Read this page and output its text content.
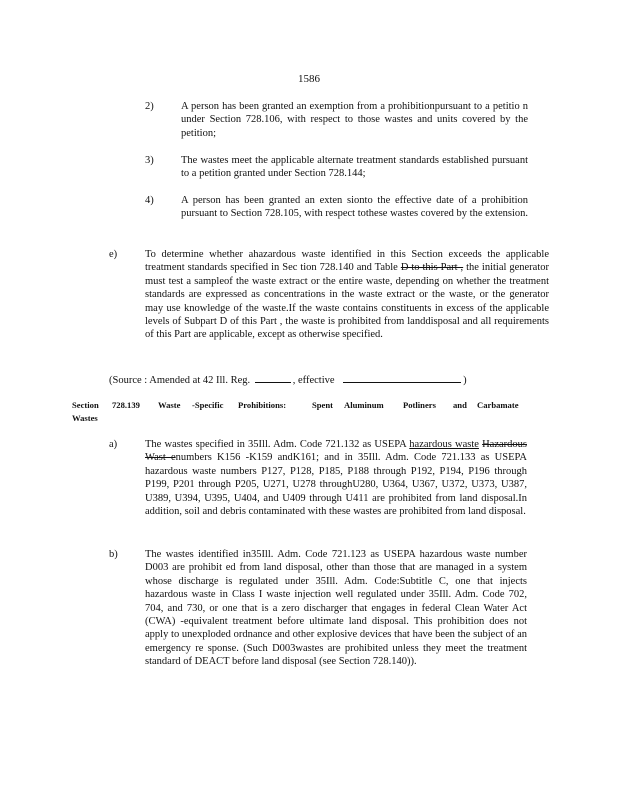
1586
2)	A person has been granted an exemption from a prohibitionpursuant to a petitio n under Section 728.106, with respect to those wastes and units covered by the petition;
3)	The wastes meet the applicable alternate treatment standards established pursuant to a petition granted under Section 728.144;
4)	A person has been granted an exten sionto the effective date of a prohibition pursuant to Section 728.105, with respect tothese wastes covered by the extension.
e)	To determine whether ahazardous waste identified in this Section exceeds the applicable treatment standards specified in Sec tion 728.140 and Table D to this Part , the initial generator must test a sampleof the waste extract or the entire waste, depending on whether the treatment standards are expressed as concentrations in the waste extract or the waste, or the generator may use knowledge of the waste.If the waste contains constituents in excess of the applicable levels of Subpart D of this Part , the waste is prohibited from landdisposal and all requirements of this Part are applicable, except as otherwise specified.
(Source : Amended at 42 Ill. Reg.	, effective	)
Section 728.139 Waste -Specific Prohibitions:	Spent Aluminum Potliners and Carbamate
Wastes
a)	The wastes specified in 35Ill. Adm. Code 721.132 as USEPA hazardous waste Hazardous Wast enumbers K156 -K159 andK161; and in 35Ill. Adm. Code 721.133 as USEPA hazardous waste numbers P127, P128, P185, P188 through P192, P194, P196 through P199, P201 through P205, U271, U278 throughU280, U364, U367, U372, U373, U387, U389, U394, U395, U404, and U409 through U411 are prohibited from land disposal.In addition, soil and debris contaminated with these wastes are prohibited from land disposal.
b)	The wastes identified in35Ill. Adm. Code 721.123 as USEPA hazardous waste number D003 are prohibit ed from land disposal, other than those that are managed in a system whose discharge is regulated under 35Ill. Adm. Code:Subtitle C, one that injects hazardous waste in Class I waste injection well regulated under 35Ill. Adm. Code 702, 704, and 730, or one that is a zero discharger that engages in federal Clean Water Act (CWA) -equivalent treatment before ultimate land disposal. This prohibition does not apply to unexploded ordnance and other explosive devices that have been the subject of an emergency re sponse. (Such D003wastes are prohibited unless they meet the treatment standard of DEACT before land disposal (see Section 728.140)).
